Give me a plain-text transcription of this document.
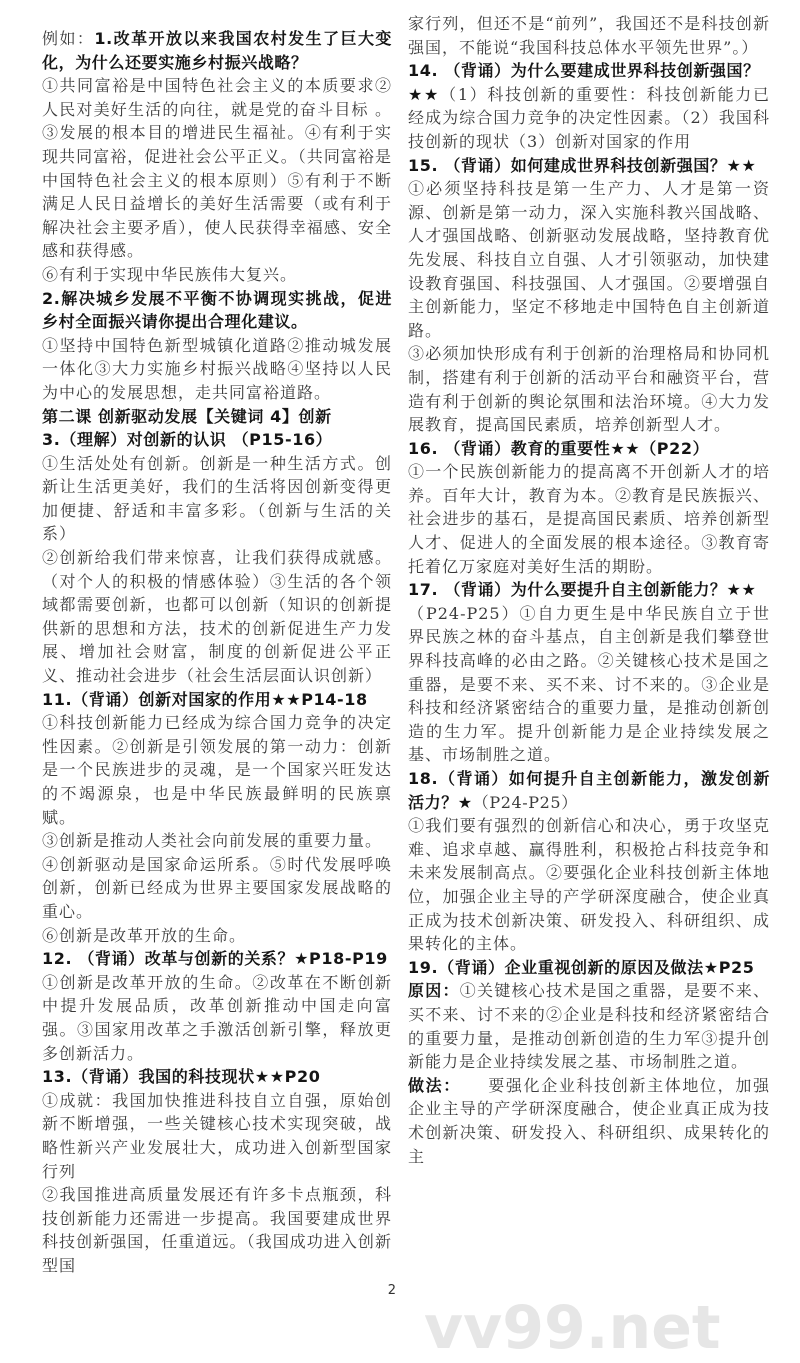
例如：1.改革开放以来我国农村发生了巨大变化，为什么还要实施乡村振兴战略？

①共同富裕是中国特色社会主义的本质要求②人民对美好生活的向往，就是党的奋斗目标 。③发展的根本目的增进民生福祉。④有利于实现共同富裕，促进社会公平正义。（共同富裕是中国特色社会主义的根本原则）⑤有利于不断满足人民日益增长的美好生活需要（或有利于解决社会主要矛盾），使人民获得幸福感、安全感和获得感。

⑥有利于实现中华民族伟大复兴。

2.解决城乡发展不平衡不协调现实挑战，促进乡村全面振兴请你提出合理化建议。

①坚持中国特色新型城镇化道路②推动城发展一体化③大力实施乡村振兴战略④坚持以人民为中心的发展思想，走共同富裕道路。

第二课 创新驱动发展【关键词 4】创新

3.（理解）对创新的认识 （P15-16）

①生活处处有创新。创新是一种生活方式。创新让生活更美好，我们的生活将因创新变得更加便捷、舒适和丰富多彩。（创新与生活的关系）

②创新给我们带来惊喜，让我们获得成就感。（对个人的积极的情感体验）③生活的各个领域都需要创新，也都可以创新（知识的创新提供新的思想和方法，技术的创新促进生产力发展、增加社会财富，制度的创新促进公平正义、推动社会进步（社会生活层面认识创新）

11.（背诵）创新对国家的作用★★P14-18

①科技创新能力已经成为综合国力竞争的决定性因素。②创新是引领发展的第一动力：创新是一个民族进步的灵魂，是一个国家兴旺发达的不竭源泉，也是中华民族最鲜明的民族禀赋。

③创新是推动人类社会向前发展的重要力量。

④创新驱动是国家命运所系。⑤时代发展呼唤创新，创新已经成为世界主要国家发展战略的重心。

⑥创新是改革开放的生命。

12. （背诵）改革与创新的关系？★P18-P19

①创新是改革开放的生命。②改革在不断创新中提升发展品质，改革创新推动中国走向富强。③国家用改革之手激活创新引擎，释放更多创新活力。

13.（背诵）我国的科技现状★★P20

①成就：我国加快推进科技自立自强，原始创新不断增强，一些关键核心技术实现突破，战略性新兴产业发展壮大，成功进入创新型国家行列

②我国推进高质量发展还有许多卡点瓶颈，科技创新能力还需进一步提高。我国要建成世界科技创新强国，任重道远。（我国成功进入创新型国

家行列，但还不是“前列”，我国还不是科技创新强国，不能说“我国科技总体水平领先世界”。）

14. （背诵）为什么要建成世界科技创新强国？

★★（1）科技创新的重要性：科技创新能力已经成为综合国力竞争的决定性因素。（2）我国科技创新的现状（3）创新对国家的作用

15. （背诵）如何建成世界科技创新强国？★★

①必须坚持科技是第一生产力、人才是第一资源、创新是第一动力，深入实施科教兴国战略、人才强国战略、创新驱动发展战略，坚持教育优先发展、科技自立自强、人才引领驱动，加快建设教育强国、科技强国、人才强国。②要增强自主创新能力，坚定不移地走中国特色自主创新道路。

③必须加快形成有利于创新的治理格局和协同机制，搭建有利于创新的活动平台和融资平台，营造有利于创新的舆论氛围和法治环境。④大力发展教育，提高国民素质，培养创新型人才。

16. （背诵）教育的重要性★★（P22）

①一个民族创新能力的提高离不开创新人才的培养。百年大计，教育为本。②教育是民族振兴、社会进步的基石，是提高国民素质、培养创新型人才、促进人的全面发展的根本途径。③教育寄托着亿万家庭对美好生活的期盼。

17. （背诵）为什么要提升自主创新能力？★★

（P24-P25）①自力更生是中华民族自立于世界民族之林的奋斗基点，自主创新是我们攀登世界科技高峰的必由之路。②关键核心技术是国之重器，是要不来、买不来、讨不来的。③企业是科技和经济紧密结合的重要力量，是推动创新创造的生力军。提升创新能力是企业持续发展之基、市场制胜之道。

18.（背诵）如何提升自主创新能力，激发创新活力？★（P24-P25）

①我们要有强烈的创新信心和决心，勇于攻坚克难、追求卓越、赢得胜利，积极抢占科技竞争和未来发展制高点。②要强化企业科技创新主体地位，加强企业主导的产学研深度融合，使企业真正成为技术创新决策、研发投入、科研组织、成果转化的主体。

19.（背诵）企业重视创新的原因及做法★P25

原因：①关键核心技术是国之重器，是要不来、买不来、讨不来的②企业是科技和经济紧密结合的重要力量，是推动创新创造的生力军③提升创新能力是企业持续发展之基、市场制胜之道。

做法：　　要强化企业科技创新主体地位，加强企业主导的产学研深度融合，使企业真正成为技术创新决策、研发投入、科研组织、成果转化的主

2
vv99.net
